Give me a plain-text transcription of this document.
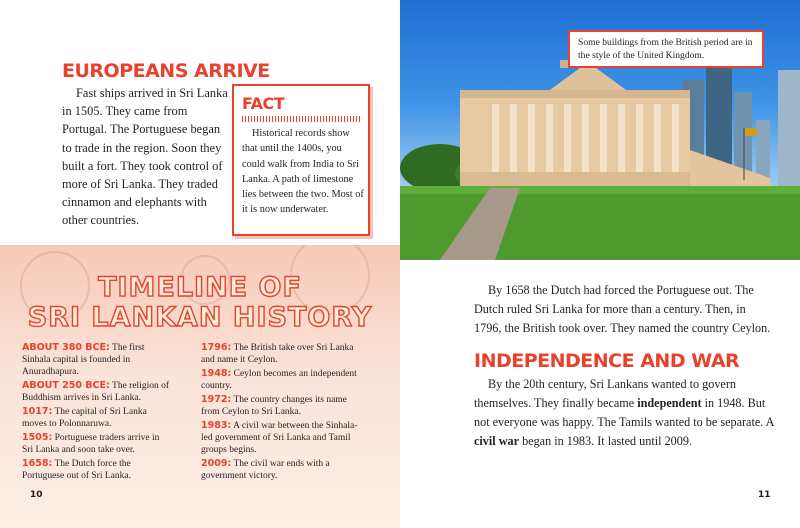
EUROPEANS ARRIVE

Fast ships arrived in Sri Lanka in 1505. They came from Portugal. The Portuguese began to trade in the region. Soon they built a fort. They took control of more of Sri Lanka. They traded cinnamon and elephants with other countries.

FACT

Historical records show that until the 1400s, you could walk from India to Sri Lanka. A path of limestone lies between the two. Most of it is now underwater.

TIMELINE OF
SRI LANKAN HISTORY
ABOUT 380 BCE: The first Sinhala capital is founded in Anuradhapura.
ABOUT 250 BCE: The religion of Buddhism arrives in Sri Lanka.
1017: The capital of Sri Lanka moves to Polonnaruwa.
1505: Portuguese traders arrive in Sri Lanka and soon take over.
1658: The Dutch force the Portuguese out of Sri Lanka.
1796: The British take over Sri Lanka and name it Ceylon.
1948: Ceylon becomes an independent country.
1972: The country changes its name from Ceylon to Sri Lanka.
1983: A civil war between the Sinhala-led government of Sri Lanka and Tamil groups begins.
2009: The civil war ends with a government victory.
10
Some buildings from the British period are in the style of the United Kingdom.

By 1658 the Dutch had forced the Portuguese out. The Dutch ruled Sri Lanka for more than a century. Then, in 1796, the British took over. They named the country Ceylon.

INDEPENDENCE AND WAR

By the 20th century, Sri Lankans wanted to govern themselves. They finally became independent in 1948. But not everyone was happy. The Tamils wanted to be separate. A civil war began in 1983. It lasted until 2009.

11
